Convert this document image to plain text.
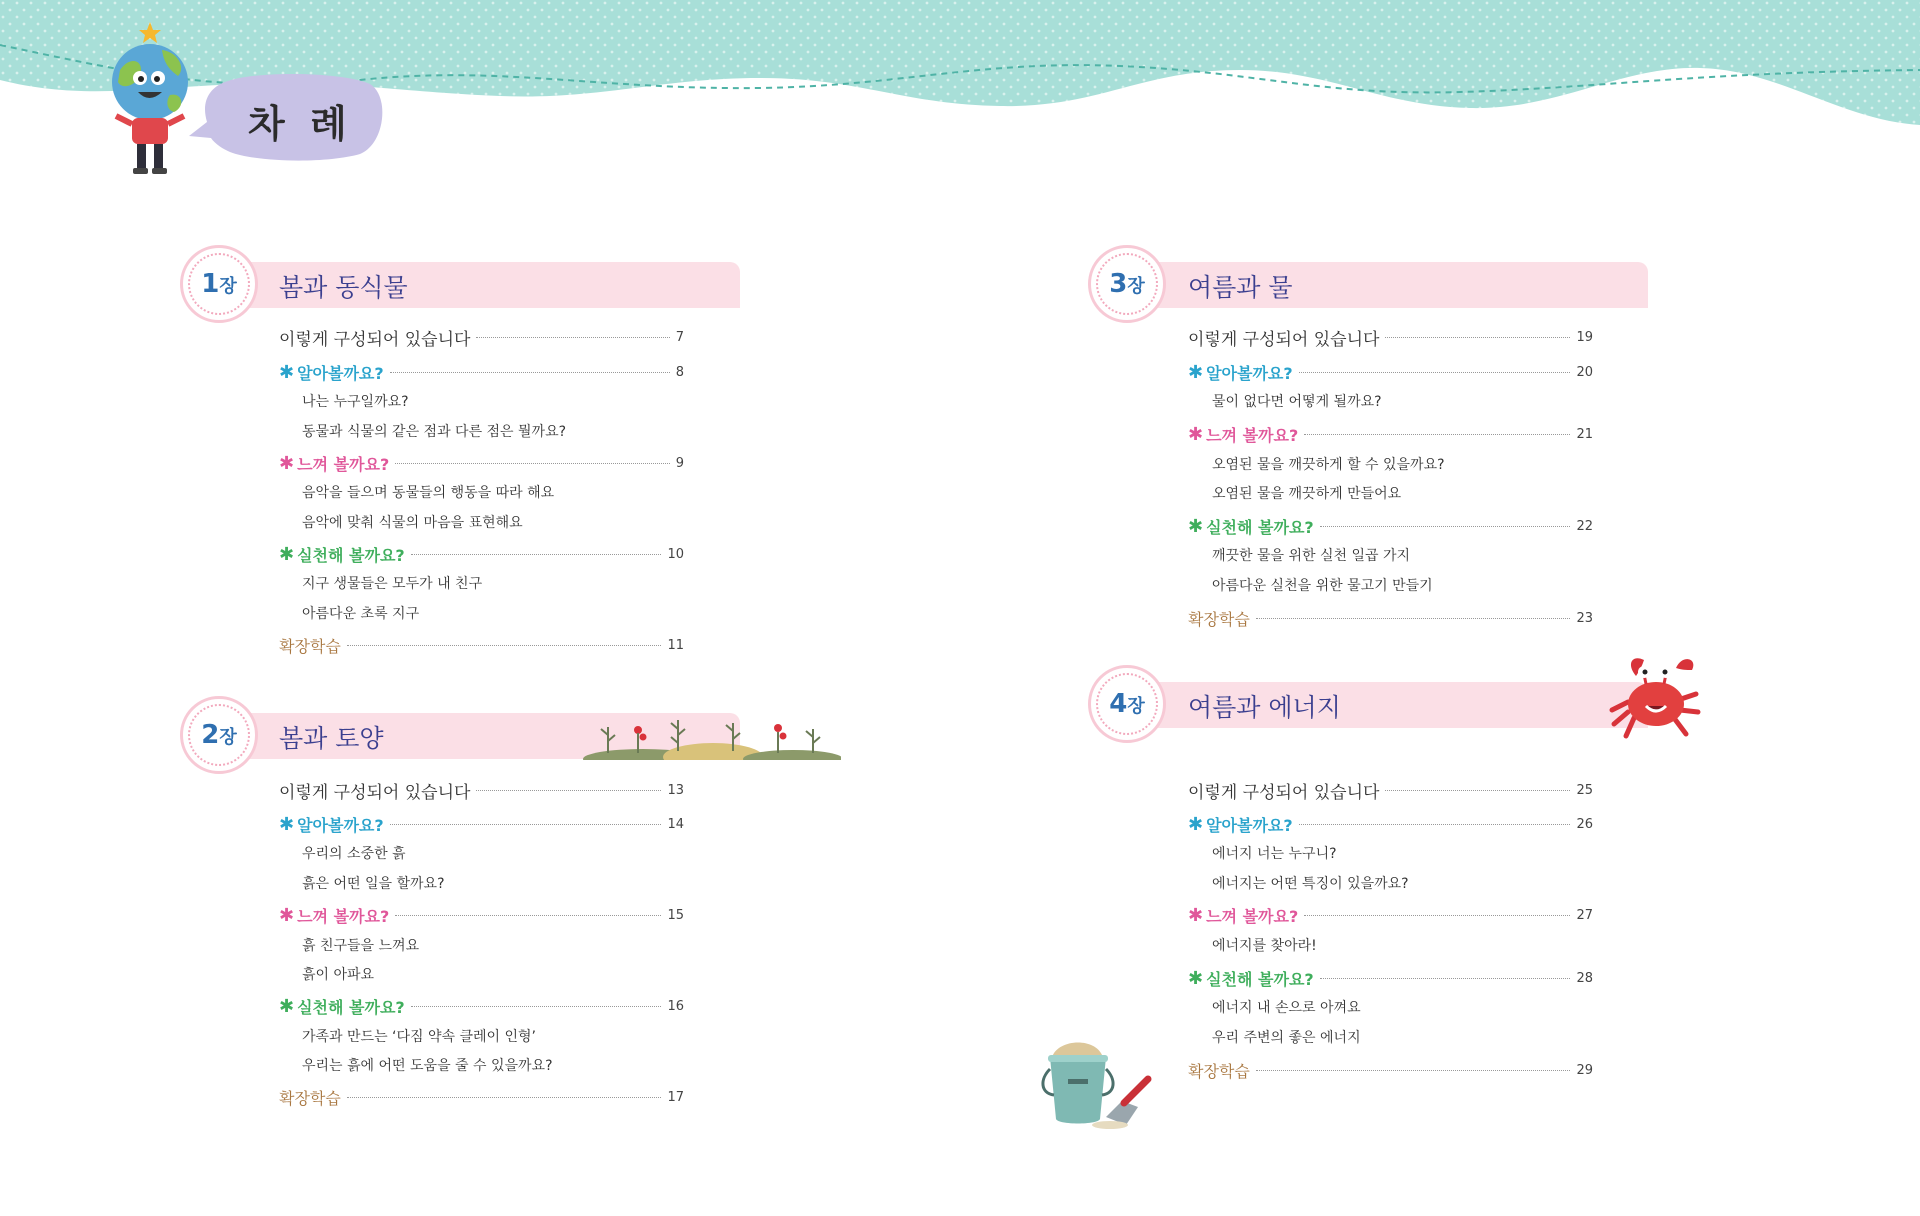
차 례
1장 봄과 동식물
이렇게 구성되어 있습니다	7
✱ 알아볼까요?	8
나는 누구일까요?
동물과 식물의 같은 점과 다른 점은 뭘까요?
✱ 느껴 볼까요?	9
음악을 들으며 동물들의 행동을 따라 해요
음악에 맞춰 식물의 마음을 표현해요
✱ 실천해 볼까요?	10
지구 생물들은 모두가 내 친구
아름다운 초록 지구
확장학습	11
2장 봄과 토양
이렇게 구성되어 있습니다	13
✱ 알아볼까요?	14
우리의 소중한 흙
흙은 어떤 일을 할까요?
✱ 느껴 볼까요?	15
흙 친구들을 느껴요
흙이 아파요
✱ 실천해 볼까요?	16
가족과 만드는 ‘다짐 약속 클레이 인형’
우리는 흙에 어떤 도움을 줄 수 있을까요?
확장학습	17
3장 여름과 물
이렇게 구성되어 있습니다	19
✱ 알아볼까요?	20
물이 없다면 어떻게 될까요?
✱ 느껴 볼까요?	21
오염된 물을 깨끗하게 할 수 있을까요?
오염된 물을 깨끗하게 만들어요
✱ 실천해 볼까요?	22
깨끗한 물을 위한 실천 일곱 가지
아름다운 실천을 위한 물고기 만들기
확장학습	23
4장 여름과 에너지
이렇게 구성되어 있습니다	25
✱ 알아볼까요?	26
에너지 너는 누구니?
에너지는 어떤 특징이 있을까요?
✱ 느껴 볼까요?	27
에너지를 찾아라!
✱ 실천해 볼까요?	28
에너지 내 손으로 아껴요
우리 주변의 좋은 에너지
확장학습	29
